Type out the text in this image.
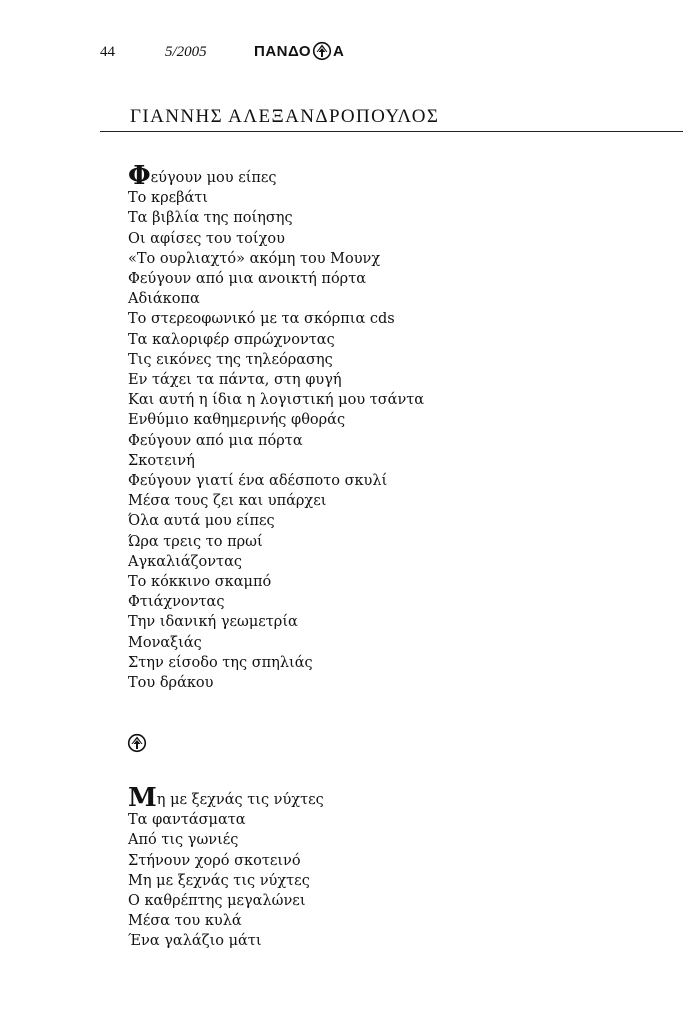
44	5/2005	ΠΑΝΔΟ Α
ΓΙΑΝΝΗΣ ΑΛΕΞΑΝΔΡΟΠΟΥΛΟΣ
Φεύγουν μου είπες
Το κρεβάτι
Τα βιβλία της ποίησης
Οι αφίσες του τοίχου
«Το ουρλιαχτό» ακόμη του Μουνχ
Φεύγουν από μια ανοικτή πόρτα
Αδιάκοπα
Το στερεοφωνικό με τα σκόρπια cds
Τα καλοριφέρ σπρώχνοντας
Τις εικόνες της τηλεόρασης
Εν τάχει τα πάντα, στη φυγή
Και αυτή η ίδια η λογιστική μου τσάντα
Ενθύμιο καθημερινής φθοράς
Φεύγουν από μια πόρτα
Σκοτεινή
Φεύγουν γιατί ένα αδέσποτο σκυλί
Μέσα τους ζει και υπάρχει
Όλα αυτά μου είπες
Ώρα τρεις το πρωί
Αγκαλιάζοντας
Το κόκκινο σκαμπό
Φτιάχνοντας
Την ιδανική γεωμετρία
Μοναξιάς
Στην είσοδο της σπηλιάς
Του δράκου
Μη με ξεχνάς τις νύχτες
Τα φαντάσματα
Από τις γωνιές
Στήνουν χορό σκοτεινό
Μη με ξεχνάς τις νύχτες
Ο καθρέπτης μεγαλώνει
Μέσα του κυλά
Ένα γαλάζιο μάτι
